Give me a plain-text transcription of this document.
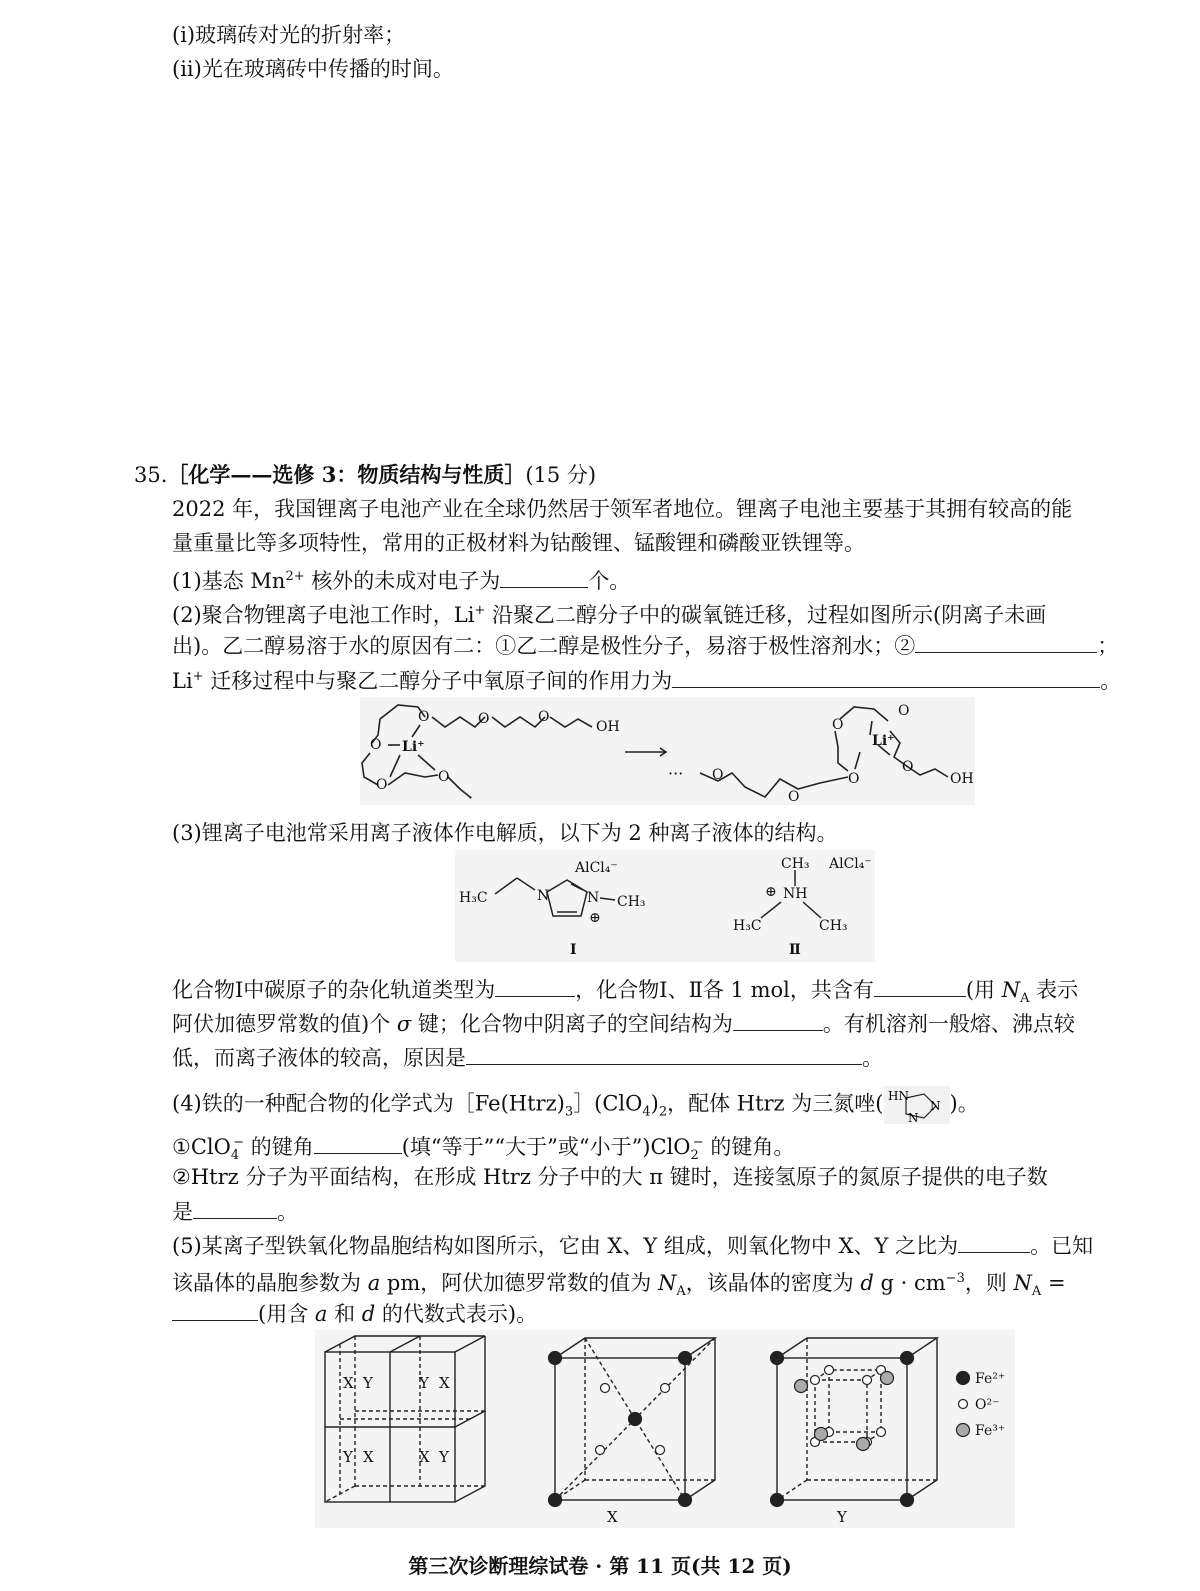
(i)玻璃砖对光的折射率；
(ii)光在玻璃砖中传播的时间。
35.［化学——选修 3：物质结构与性质］(15 分)
2022 年，我国锂离子电池产业在全球仍然居于领军者地位。锂离子电池主要基于其拥有较高的能
量重量比等多项特性，常用的正极材料为钴酸锂、锰酸锂和磷酸亚铁锂等。
(1)基态 $Mn^{2+}$ 核外的未成对电子为	个。
(2)聚合物锂离子电池工作时，Li+ 沿聚乙二醇分子中的碳氧链迁移，过程如图所示(阴离子未画
出)。乙二醇易溶于水的原因有二：①乙二醇是极性分子，易溶于极性溶剂水；②	；
Li+ 迁移过程中与聚乙二醇分子中氧原子间的作用力为	。
O	O	O
OH
O Li⁺
O	O
Li⁺
O
O
O
O	OH
O
O
···
·
(3)锂离子电池常采用离子液体作电解质，以下为 2 种离子液体的结构。
AlCl₄⁻
H₃C	N	N CH₃
⊕
Ⅰ
CH₃ AlCl₄⁻
⊕ NH
H₃C	CH₃
Ⅱ
化合物Ⅰ中碳原子的杂化轨道类型为	，化合物Ⅰ、Ⅱ各 1 mol，共含有	(用 $N_A$ 表示
阿伏加德罗常数的值)个 σ 键；化合物中阴离子的空间结构为	。有机溶剂一般熔、沸点较
低，而离子液体的较高，原因是	。
(4)铁的一种配合物的化学式为$[Fe(Htrz)_3](ClO_4)_2$，配体 Htrz 为三氮唑( HN
N
N
)。
①ClO$_4$− 的键角	(填“等于”“大于”或“小于”)ClO$_2$− 的键角。
②Htrz 分子为平面结构，在形成 Htrz 分子中的大 π 键时，连接氢原子的氮原子提供的电子数
是	。
(5)某离子型铁氧化物晶胞结构如图所示，它由 X、Y 组成，则氧化物中 X、Y 之比为	。已知
该晶体的晶胞参数为 a pm，阿伏加德罗常数的值为 $N_A$，该晶体的密度为 d $g \cdot cm^{-3}$，则 $N_A$ =
(用含 a 和 d 的代数式表示)。
X Y	Y X
Y X	X Y
X	Y
Fe²⁺
O²⁻
Fe³⁺
第三次诊断理综试卷 · 第 11 页(共 12 页)
